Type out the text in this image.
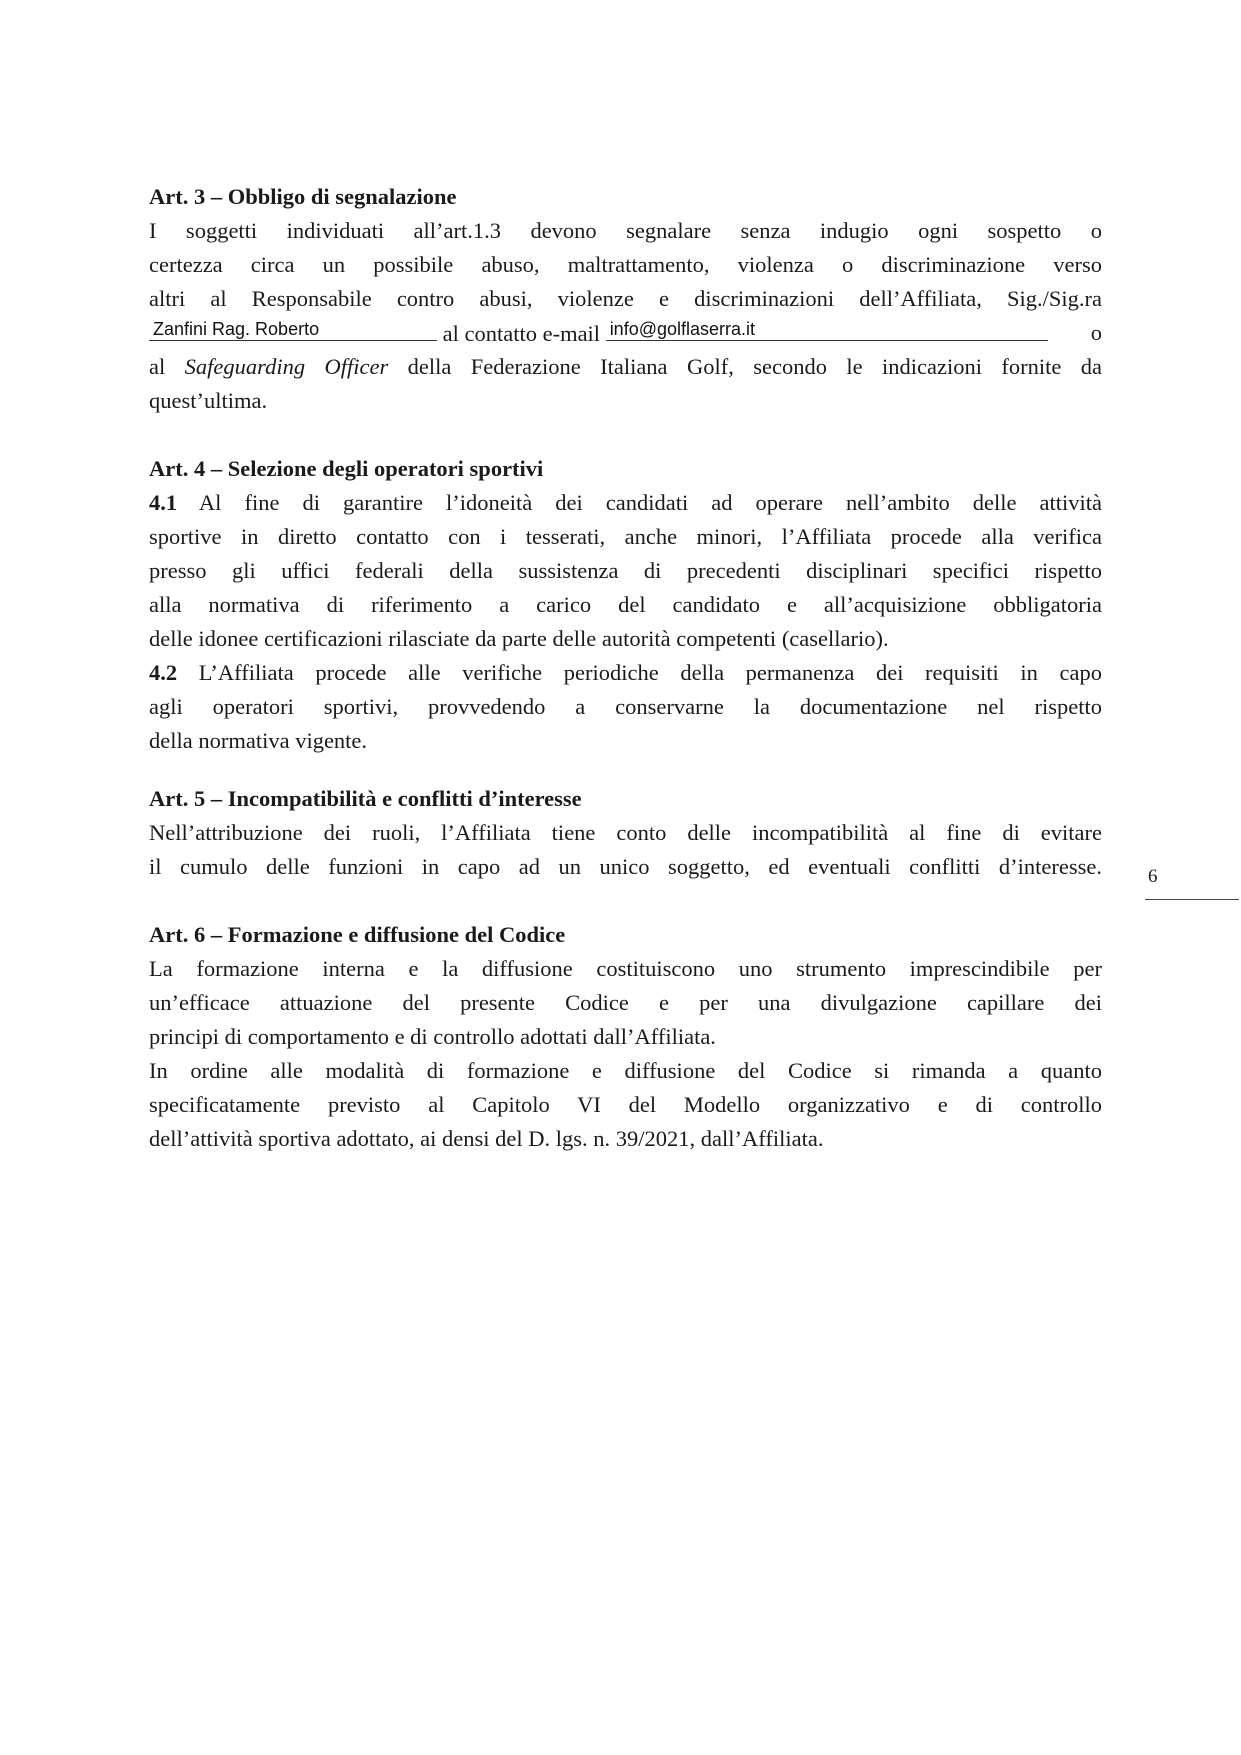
Art. 3 – Obbligo di segnalazione
I soggetti individuati all’art.1.3 devono segnalare senza indugio ogni sospetto o
certezza circa un possibile abuso, maltrattamento, violenza o discriminazione verso
altri al Responsabile contro abusi, violenze e discriminazioni dell’Affiliata, Sig./Sig.ra
Zanfini Rag. Roberto	al contatto e-mail info@golflaserra.it	o
al Safeguarding Officer della Federazione Italiana Golf, secondo le indicazioni fornite da
quest’ultima.
Art. 4 – Selezione degli operatori sportivi
4.1 Al fine di garantire l’idoneità dei candidati ad operare nell’ambito delle attività
sportive in diretto contatto con i tesserati, anche minori, l’Affiliata procede alla verifica
presso gli uffici federali della sussistenza di precedenti disciplinari specifici rispetto
alla normativa di riferimento a carico del candidato e all’acquisizione obbligatoria
delle idonee certificazioni rilasciate da parte delle autorità competenti (casellario).
4.2 L’Affiliata procede alle verifiche periodiche della permanenza dei requisiti in capo
agli operatori sportivi, provvedendo a conservarne la documentazione nel rispetto
della normativa vigente.
Art. 5 – Incompatibilità e conflitti d’interesse
Nell’attribuzione dei ruoli, l’Affiliata tiene conto delle incompatibilità al fine di evitare
il cumulo delle funzioni in capo ad un unico soggetto, ed eventuali conflitti d’interesse.
Art. 6 – Formazione e diffusione del Codice
La formazione interna e la diffusione costituiscono uno strumento imprescindibile per
un’efficace attuazione del presente Codice e per una divulgazione capillare dei
principi di comportamento e di controllo adottati dall’Affiliata.
In ordine alle modalità di formazione e diffusione del Codice si rimanda a quanto
specificatamente previsto al Capitolo VI del Modello organizzativo e di controllo
dell’attività sportiva adottato, ai densi del D. lgs. n. 39/2021, dall’Affiliata.
6
